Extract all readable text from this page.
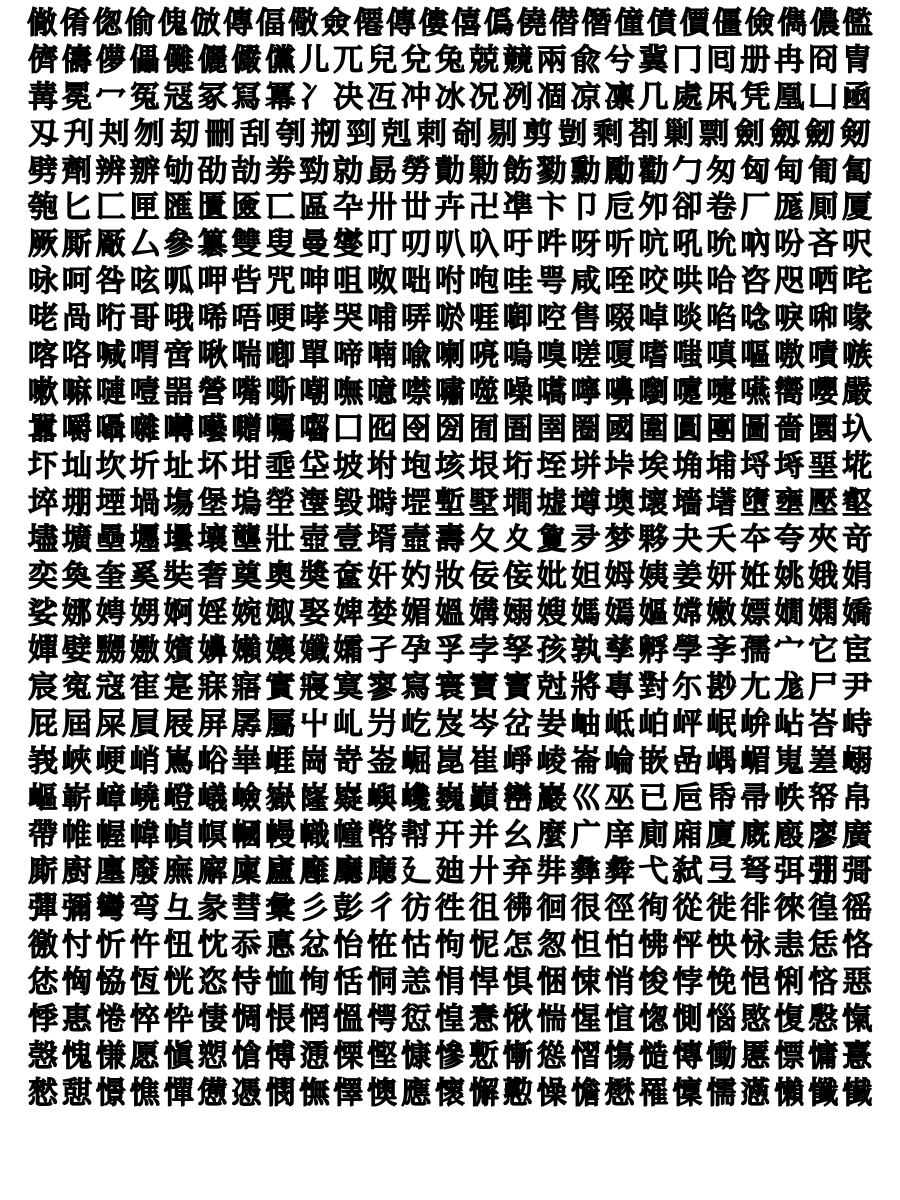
僘 倄 偬 偷 傀 倣 傳 偪 儆 僉 僊 傳 僂 僖 僞 僥 僣 僭 僮 僨 價 僵 儉 儁 儂 儖
儕 儔 儚 儡 儺 儷 儼 儻 儿 兀 兒 兌 兔 兢 竸 兩 兪 兮 冀 冂 囘 册 冉 冏 冑
冓 冕 冖 冤 冦 冢 冩 冪 冫 决 冱 冲 冰 况 冽 凅 凉 凛 几 處 凩 凭 凰 凵 凾
刄 刋 刔 刎 刧 刪 刮 刳 剏 剄 剋 剌 剞 剔 剪 剴 剩 剳 剿 剽 劍 劔 劒 剱
劈 劑 辨 辧 劬 劭 劼 劵 勁 勍 勗 勞 勣 勦 飭 勠 勳 勵 勸 勹 匆 匈 甸 匍 匐
匏 匕 匚 匣 匯 匱 匳 匸 區 卆 卅 丗 卉 卍 凖 卞 卩 卮 夘 卻 卷 厂 厖 厠 厦
厥 厮 厰 厶 參 簒 雙 叟 曼 燮 叮 叨 叭 叺 吁 吽 呀 听 吭 吼 吮 吶 吩 吝 呎
咏 呵 咎 呟 呱 呷 呰 咒 呻 咀 呶 咄 咐 咆 哇 咢 咸 咥 咬 哄 哈 咨 咫 哂 咤
咾 咼 哘 哥 哦 唏 唔 哽 哮 哭 哺 哢 唹 啀 啣 啌 售 啜 啅 啖 啗 唸 唳 啝 喙
喀 咯 喊 喟 啻 啾 喘 喞 單 啼 喃 喩 喇 喨 嗚 嗅 嗟 嗄 嗜 嗤 嗔 嘔 嗷 嘖 嗾
嗽 嘛 嗹 噎 噐 營 嘴 嘶 嘲 嘸 噫 噤 嘯 噬 噪 嚆 嚀 嚊 嚠 嚔 嚏 嚥 嚮 嚶 嚴
囂 嚼 囁 囃 囀 囈 囎 囑 囓 囗 囮 囹 圀 囿 圄 圉 圈 國 圍 圓 團 圖 嗇 圜 圦
圷 圸 坎 圻 址 坏 坩 埀 垈 坡 坿 垉 垓 垠 垳 垤 垪 垰 埃 埆 埔 埒 埓 堊 埖
埣 堋 堙 堝 塲 堡 塢 塋 塰 毀 塒 堽 塹 墅 墹 墟 墫 墺 壞 墻 墸 墮 壅 壓 壑
壗 壙 壘 壥 壜 壤 壟 壯 壺 壹 壻 壼 壽 夂 夊 夐 夛 梦 夥 夬 夭 夲 夸 夾 竒
奕 奐 奎 奚 奘 奢 奠 奧 奬 奩 奸 妁 妝 佞 侫 妣 妲 姆 姨 姜 妍 姙 姚 娥 娟
娑 娜 娉 娚 婀 婬 婉 娵 娶 婢 婪 媚 媼 媾 嫋 嫂 媽 嫣 嫗 嫦 嫩 嫖 嫺 嫻 嬌
嬋 嬖 嬲 嫐 嬪 嬶 嬾 孃 孅 孀 孑 孕 孚 孛 孥 孩 孰 孳 孵 學 斈 孺 宀 它 宦
宸 寃 寇 寉 寔 寐 寤 實 寢 寞 寥 寫 寰 寶 寳 尅 將 專 對 尓 尠 尢 尨 尸 尹
屁 屆 屎 屓 屐 屏 孱 屬 屮 乢 屶 屹 岌 岑 岔 妛 岫 岻 岶 岼 岷 峅 岾 峇 峙
峩 峽 峺 峭 嶌 峪 崋 崕 崗 嵜 崟 崛 崑 崔 崢 崚 崙 崘 嵌 嵒 嵎 嵋 嵬 嵳 嵶
嶇 嶄 嶂 嶢 嶝 嶬 嶮 嶽 嶐 嶷 嶼 巉 巍 巓 巒 巖 巛 巫 已 巵 帋 帚 帙 帑 帛
帶 帷 幄 幃 幀 幎 幗 幔 幟 幢 幤 幇 幵 并 幺 麼 广 庠 廁 廂 廈 廐 廏 廖 廣
廝 廚 廛 廢 廡 廨 廩 廬 廱 廳 廰 廴 廸 廾 弃 弉 彝 彜 弋 弑 弖 弩 弭 弸 彁
彈 彌 彎 弯 彑 彖 彗 彙 彡 彭 彳 彷 徃 徂 彿 徊 很 徑 徇 從 徙 徘 徠 徨 徭
徼 忖 忻 忤 忸 忱 忝 悳 忿 怡 恠 怙 怐 怩 怎 怱 怛 怕 怫 怦 怏 怺 恚 恁 恪
恷 恟 恊 恆 恍 恣 恃 恤 恂 恬 恫 恙 悁 悍 惧 悃 悚 悄 悛 悖 悗 悒 悧 悋 惡
悸 惠 惓 悴 忰 悽 惆 悵 惘 慍 愕 愆 惶 惷 愀 惴 惺 愃 愡 惻 惱 愍 愎 慇 愾
愨 愧 慊 愿 愼 愬 愴 愽 慂 慄 慳 慷 慘 慙 慚 慫 慴 慯 慥 慱 慟 慝 慓 慵 憙
憖 憇 憬 憔 憚 憊 憑 憫 憮 懌 懊 應 懷 懈 懃 懆 憺 懋 罹 懍 懦 懣 懶 懺 懴
